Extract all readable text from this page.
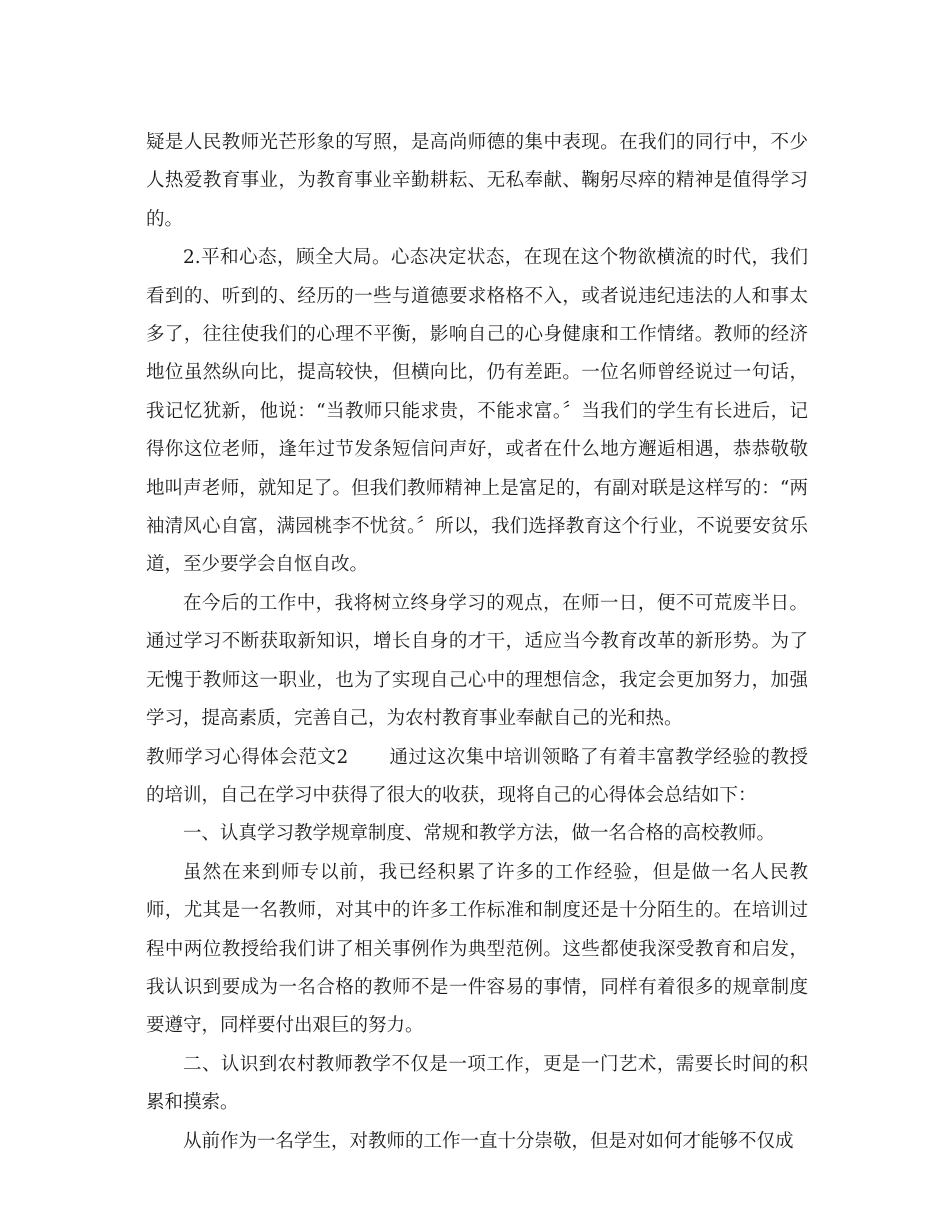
疑是人民教师光芒形象的写照，是高尚师德的集中表现。在我们的同行中，不少人热爱教育事业，为教育事业辛勤耕耘、无私奉献、鞠躬尽瘁的精神是值得学习的。

2.平和心态，顾全大局。心态决定状态，在现在这个物欲横流的时代，我们看到的、听到的、经历的一些与道德要求格格不入，或者说违纪违法的人和事太多了，往往使我们的心理不平衡，影响自己的心身健康和工作情绪。教师的经济地位虽然纵向比，提高较快，但横向比，仍有差距。一位名师曾经说过一句话，我记忆犹新，他说：“当教师只能求贵，不能求富。〞当我们的学生有长进后，记得你这位老师，逢年过节发条短信问声好，或者在什么地方邂逅相遇，恭恭敬敬地叫声老师，就知足了。但我们教师精神上是富足的，有副对联是这样写的：“两袖清风心自富，满园桃李不忧贫。〞所以，我们选择教育这个行业，不说要安贫乐道，至少要学会自怄自改。

在今后的工作中，我将树立终身学习的观点，在师一日，便不可荒废半日。通过学习不断获取新知识，增长自身的才干，适应当今教育改革的新形势。为了无愧于教师这一职业，也为了实现自己心中的理想信念，我定会更加努力，加强学习，提高素质，完善自己，为农村教育事业奉献自己的光和热。

教师学习心得体会范文2 通过这次集中培训领略了有着丰富教学经验的教授的培训，自己在学习中获得了很大的收获，现将自己的心得体会总结如下：

一、认真学习教学规章制度、常规和教学方法，做一名合格的高校教师。

虽然在来到师专以前，我已经积累了许多的工作经验，但是做一名人民教师，尤其是一名教师，对其中的许多工作标准和制度还是十分陌生的。在培训过程中两位教授给我们讲了相关事例作为典型范例。这些都使我深受教育和启发，我认识到要成为一名合格的教师不是一件容易的事情，同样有着很多的规章制度要遵守，同样要付出艰巨的努力。

二、认识到农村教师教学不仅是一项工作，更是一门艺术，需要长时间的积累和摸索。

从前作为一名学生，对教师的工作一直十分崇敬，但是对如何才能够不仅成
